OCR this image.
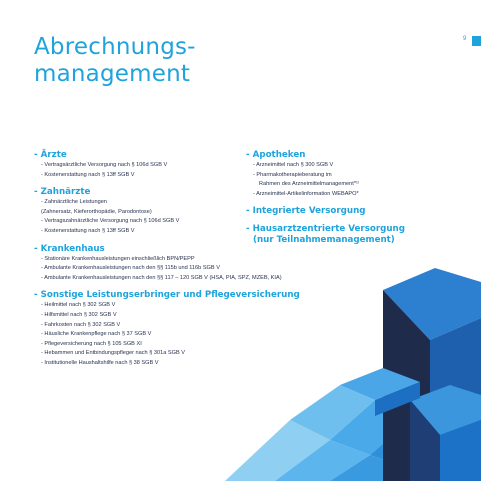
Abrechnungs-
management
9
- Ärzte
- Vertragsärztliche Versorgung nach § 106d SGB V
- Kostenerstattung nach § 13ff SGB V
- Zahnärzte
- Zahnärztliche Leistungen
(Zahnersatz, Kieferorthopädie, Parodontose)
- Vertragszahnärztliche Versorgung nach § 106d SGB V
- Kostenerstattung nach § 13ff SGB V
- Krankenhaus
- Stationäre Krankenhausleistungen einschließlich BPN/PEPP
- Ambulante Krankenhausleistungen nach den §§ 115b und 116b SGB V
- Ambulante Krankenhausleistungen nach den §§ 117 – 120 SGB V (HSA, PIA, SPZ, MZEB, KIA)
- Sonstige Leistungserbringer und Pflegeversicherung
- Heilmittel nach § 302 SGB V
- Hilfsmittel nach § 302 SGB V
- Fahrkosten nach § 302 SGB V
- Häusliche Krankenpflege nach § 37 SGB V
- Pflegeversicherung nach § 105 SGB XI
- Hebammen und Entbindungspfleger nach § 301a SGB V
- Institutionelle Haushaltshilfe nach § 38 SGB V
- Apotheken
- Arzneimittel nach § 300 SGB V
- Pharmakotherapieberatung im
Rahmen des Arzneimittelmanagement*¹⁾
- Arzneimittel-Artikelinformation WEBAPO*
- Integrierte Versorgung
- Hausarztzentrierte Versorgung
(nur Teilnahmemanagement)
